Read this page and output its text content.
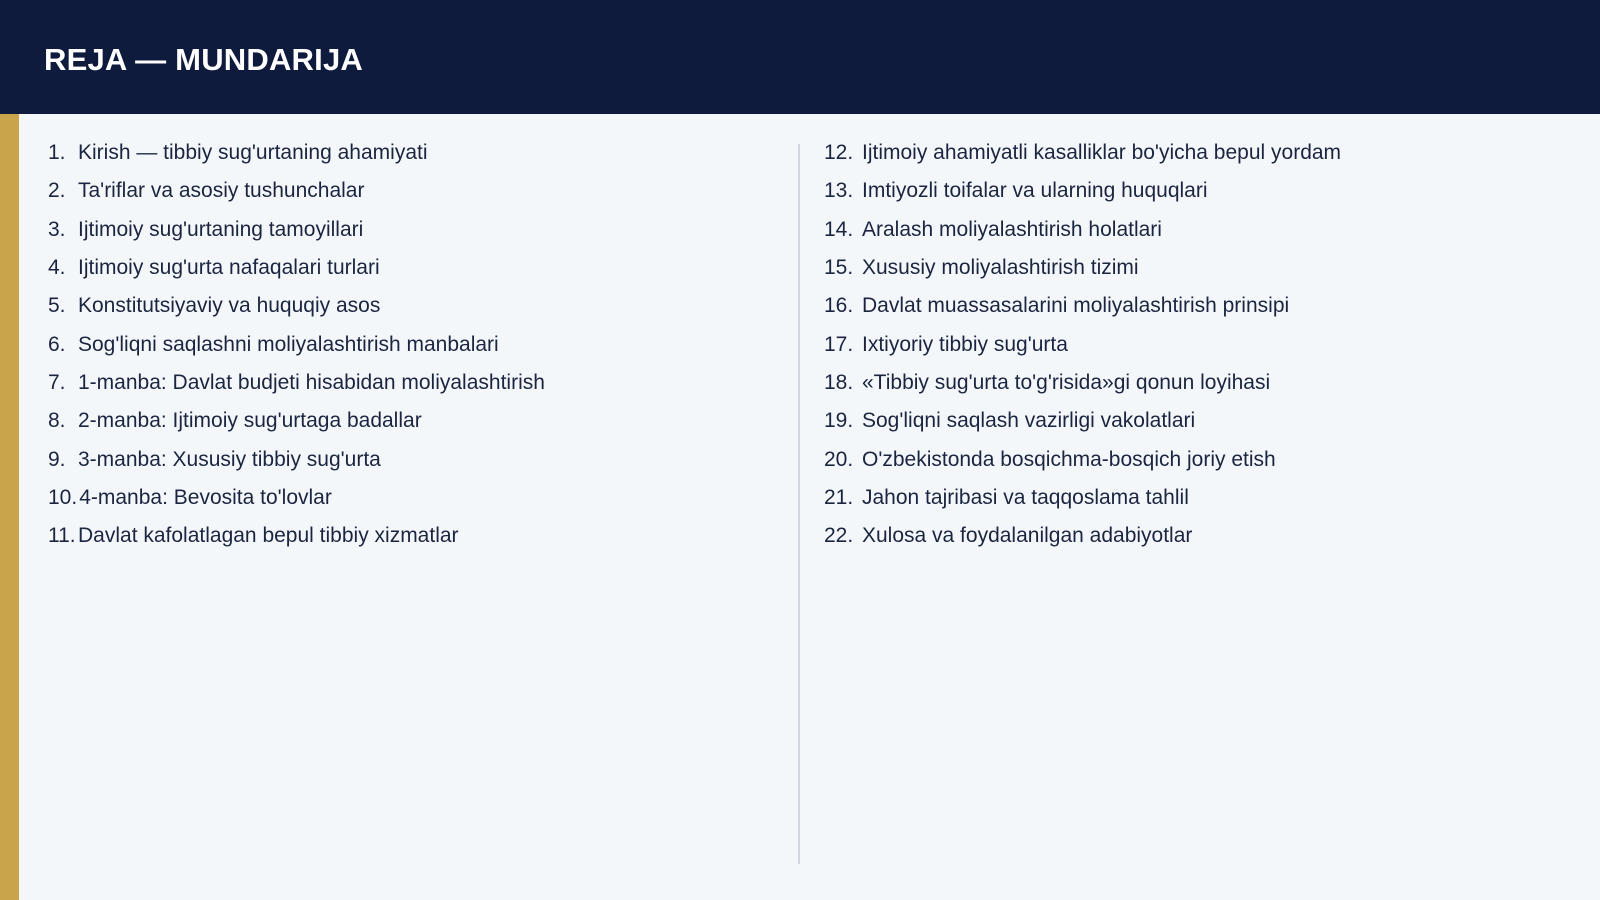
REJA — MUNDARIJA
1. Kirish — tibbiy sug'urtaning ahamiyati
2. Ta'riflar va asosiy tushunchalar
3. Ijtimoiy sug'urtaning tamoyillari
4. Ijtimoiy sug'urta nafaqalari turlari
5. Konstitutsiyaviy va huquqiy asos
6. Sog'liqni saqlashni moliyalashtirish manbalari
7. 1-manba: Davlat budjeti hisabidan moliyalashtirish
8. 2-manba: Ijtimoiy sug'urtaga badallar
9. 3-manba: Xususiy tibbiy sug'urta
10. 4-manba: Bevosita to'lovlar
11. Davlat kafolatlagan bepul tibbiy xizmatlar
12. Ijtimoiy ahamiyatli kasalliklar bo'yicha bepul yordam
13. Imtiyozli toifalar va ularning huquqlari
14. Aralash moliyalashtirish holatlari
15. Xususiy moliyalashtirish tizimi
16. Davlat muassasalarini moliyalashtirish prinsipi
17. Ixtiyoriy tibbiy sug'urta
18. «Tibbiy sug'urta to'g'risida»gi qonun loyihasi
19. Sog'liqni saqlash vazirligi vakolatlari
20. O'zbekistonda bosqichma-bosqich joriy etish
21. Jahon tajribasi va taqqoslama tahlil
22. Xulosa va foydalanilgan adabiyotlar
